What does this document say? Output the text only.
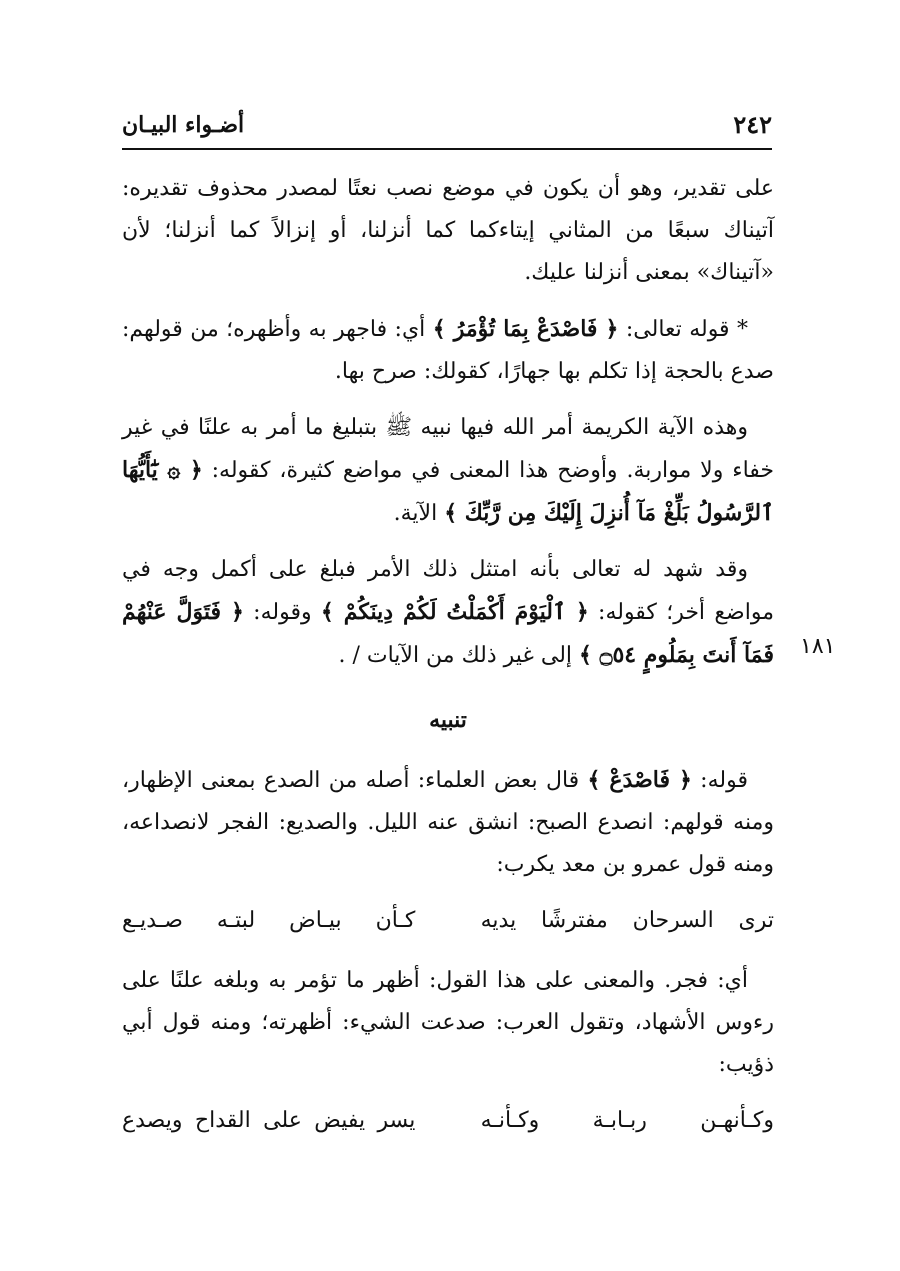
٢٤٢
أضـواء البيـان
١٨١

على تقدير، وهو أن يكون في موضع نصب نعتًا لمصدر محذوف تقديره: آتيناك سبعًا من المثاني إيتاءكما كما أنزلنا، أو إنزالاً كما أنزلنا؛ لأن «آتيناك» بمعنى أنزلنا عليك.

* قوله تعالى: ﴿ فَاصْدَعْ بِمَا تُؤْمَرُ ﴾ أي: فاجهر به وأظهره؛ من قولهم: صدع بالحجة إذا تكلم بها جهارًا، كقولك: صرح بها.

وهذه الآية الكريمة أمر الله فيها نبيه ﷺ بتبليغ ما أمر به علنًا في غير خفاء ولا مواربة. وأوضح هذا المعنى في مواضع كثيرة، كقوله: ﴿ ۞ يَٰٓأَيُّهَا ٱلرَّسُولُ بَلِّغْ مَآ أُنزِلَ إِلَيْكَ مِن رَّبِّكَ ﴾ الآية.

وقد شهد له تعالى بأنه امتثل ذلك الأمر فبلغ على أكمل وجه في مواضع أخر؛ كقوله: ﴿ ٱلْيَوْمَ أَكْمَلْتُ لَكُمْ دِينَكُمْ ﴾ وقوله: ﴿ فَتَوَلَّ عَنْهُمْ فَمَآ أَنتَ بِمَلُومٍ ۝٥٤ ﴾ إلى غير ذلك من الآيات / .

تنبيه

قوله: ﴿ فَاصْدَعْ ﴾ قال بعض العلماء: أصله من الصدع بمعنى الإظهار، ومنه قولهم: انصدع الصبح: انشق عنه الليل. والصديع: الفجر لانصداعه، ومنه قول عمرو بن معد يكرب:

ترى السرحان مفترشًا يديه
كـأن بيـاض لبتـه صـديـع

أي: فجر. والمعنى على هذا القول: أظهر ما تؤمر به وبلغه علنًا على رءوس الأشهاد، وتقول العرب: صدعت الشيء: أظهرته؛ ومنه قول أبي ذؤيب:

وكـأنهـن ربـابـة وكـأنـه
يسر يفيض على القداح ويصدع
